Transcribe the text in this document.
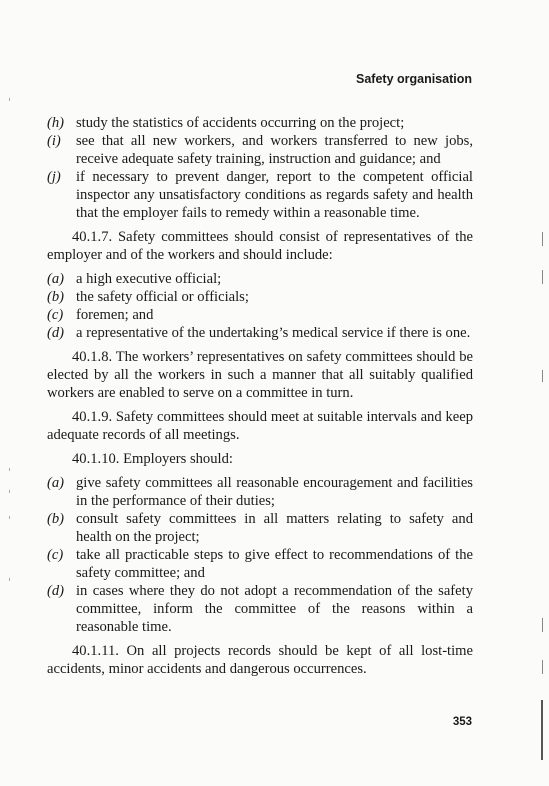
Safety organisation
(h) study the statistics of accidents occurring on the project;
(i) see that all new workers, and workers transferred to new jobs, receive adequate safety training, instruction and guidance; and
(j) if necessary to prevent danger, report to the competent official inspector any unsatisfactory conditions as regards safety and health that the employer fails to remedy within a reasonable time.

40.1.7. Safety committees should consist of representatives of the employer and of the workers and should include:

(a) a high executive official;
(b) the safety official or officials;
(c) foremen; and
(d) a representative of the undertaking’s medical service if there is one.

40.1.8. The workers’ representatives on safety committees should be elected by all the workers in such a manner that all suitably qualified workers are enabled to serve on a committee in turn.

40.1.9. Safety committees should meet at suitable intervals and keep adequate records of all meetings.

40.1.10. Employers should:

(a) give safety committees all reasonable encouragement and facilities in the performance of their duties;
(b) consult safety committees in all matters relating to safety and health on the project;
(c) take all practicable steps to give effect to recommendations of the safety committee; and
(d) in cases where they do not adopt a recommendation of the safety committee, inform the committee of the reasons within a reasonable time.

40.1.11. On all projects records should be kept of all lost-time accidents, minor accidents and dangerous occurrences.

353
